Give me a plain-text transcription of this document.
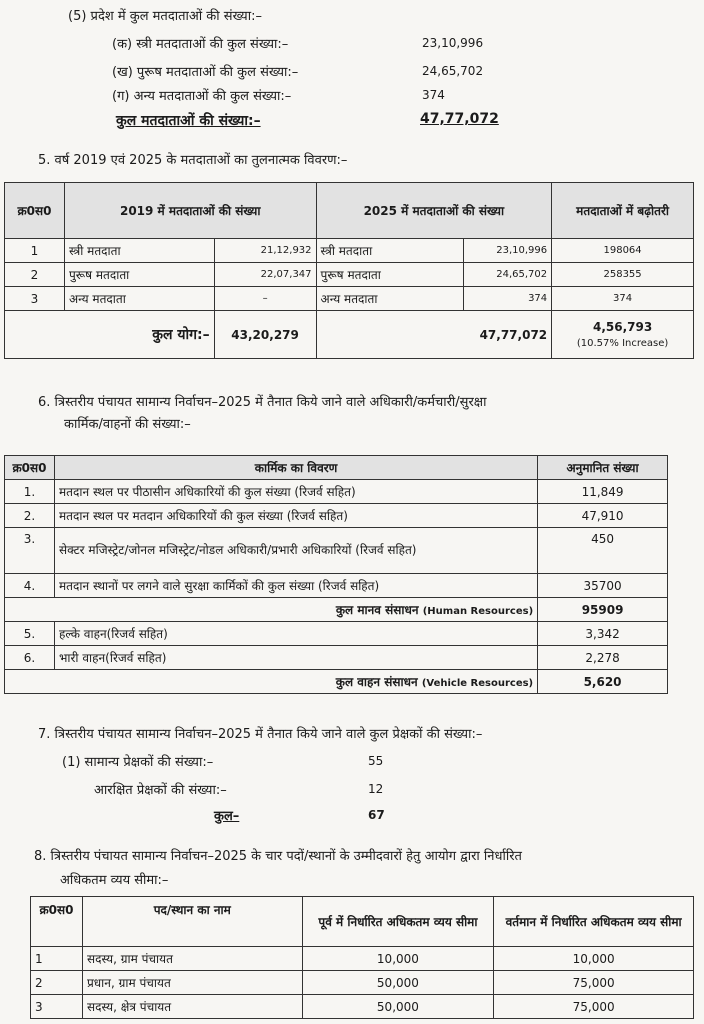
(5) प्रदेश में कुल मतदाताओं की संख्या:–
(क) स्त्री मतदाताओं की कुल संख्या:–	23,10,996
(ख) पुरूष मतदाताओं की कुल संख्या:–	24,65,702
(ग) अन्य मतदाताओं की कुल संख्या:–	374
कुल मतदाताओं की संख्या:–	47,77,072
5. वर्ष 2019 एवं 2025 के मतदाताओं का तुलनात्मक विवरण:–
क्र0स0	2019 में मतदाताओं की संख्या		2025 में मतदाताओं की संख्या		मतदाताओं में बढ़ोतरी
1	स्त्री मतदाता	21,12,932	स्त्री मतदाता	23,10,996	198064
2	पुरूष मतदाता	22,07,347	पुरूष मतदाता	24,65,702	258355
3	अन्य मतदाता	–	अन्य मतदाता	374	374
कुल योग:–		43,20,279	47,77,072		4,56,793
(10.57% Increase)
6. त्रिस्तरीय पंचायत सामान्य निर्वाचन–2025 में तैनात किये जाने वाले अधिकारी/कर्मचारी/सुरक्षा
कार्मिक/वाहनों की संख्या:–
क्र0स0	कार्मिक का विवरण	अनुमानित संख्या
1.	मतदान स्थल पर पीठासीन अधिकारियों की कुल संख्या (रिजर्व सहित)	11,849
2.	मतदान स्थल पर मतदान अधिकारियों की कुल संख्या (रिजर्व सहित)	47,910
3.	सेक्टर मजिस्ट्रेट/जोनल मजिस्ट्रेट/नोडल अधिकारी/प्रभारी अधिकारियों (रिजर्व सहित)	450
4.	मतदान स्थानों पर लगने वाले सुरक्षा कार्मिकों की कुल संख्या (रिजर्व सहित)	35700
कुल मानव संसाधन (Human Resources)		95909
5.	हल्के वाहन(रिजर्व सहित)	3,342
6.	भारी वाहन(रिजर्व सहित)	2,278
कुल वाहन संसाधन (Vehicle Resources)		5,620
7. त्रिस्तरीय पंचायत सामान्य निर्वाचन–2025 में तैनात किये जाने वाले कुल प्रेक्षकों की संख्या:–
(1) सामान्य प्रेक्षकों की संख्या:–	55
आरक्षित प्रेक्षकों की संख्या:–	12
कुल–	67
8. त्रिस्तरीय पंचायत सामान्य निर्वाचन–2025 के चार पदों/स्थानों के उम्मीदवारों हेतु आयोग द्वारा निर्धारित
अधिकतम व्यय सीमा:–
क्र0स0	पद/स्थान का नाम	पूर्व में निर्धारित अधिकतम व्यय सीमा	वर्तमान में निर्धारित अधिकतम व्यय सीमा
1	सदस्य, ग्राम पंचायत	10,000	10,000
2	प्रधान, ग्राम पंचायत	50,000	75,000
3	सदस्य, क्षेत्र पंचायत	50,000	75,000
